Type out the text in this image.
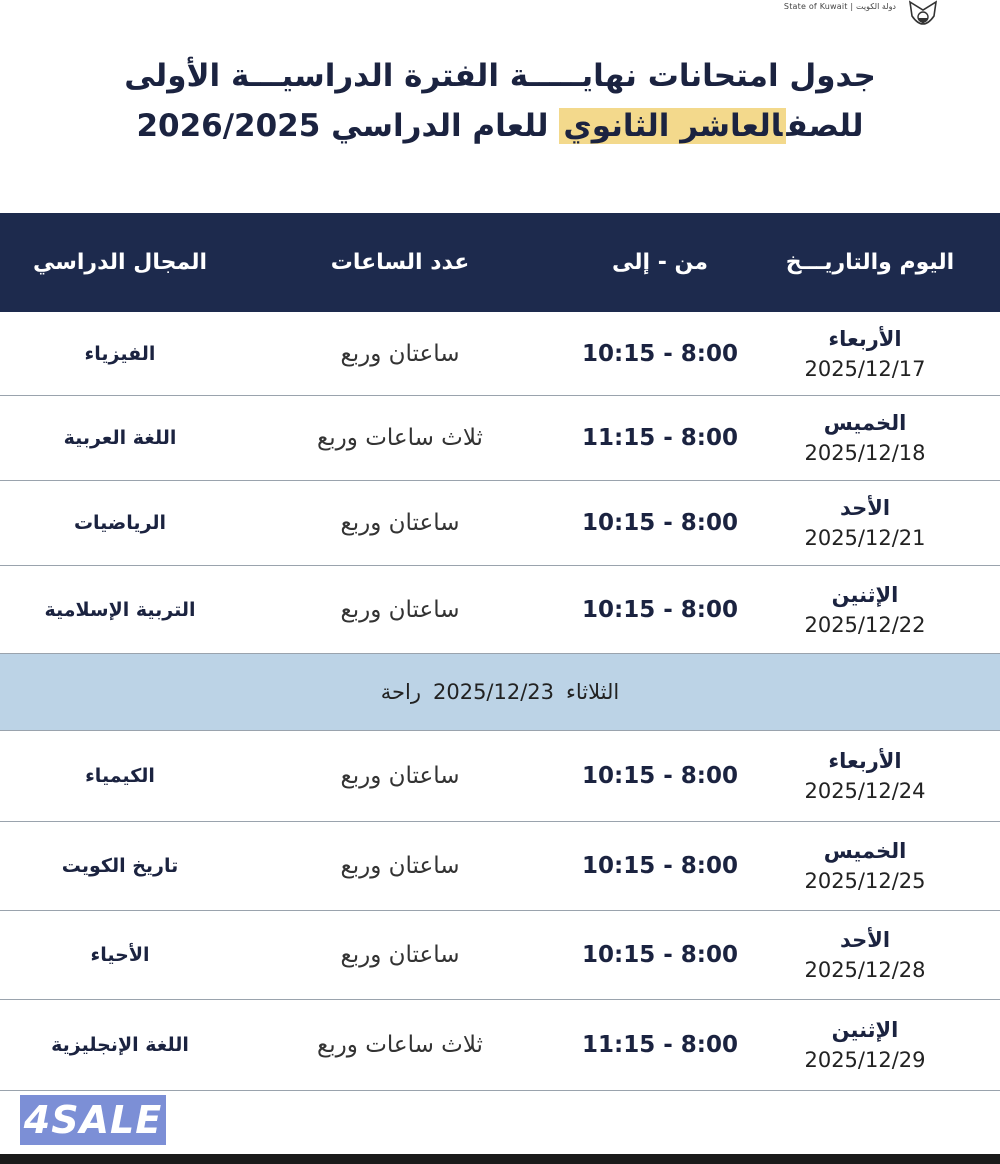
State of Kuwait | دولة الكويت
جدول امتحانات نهايـــــة الفترة الدراسيـــة الأولى
للصفالعاشر الثانوي للعام الدراسي 2026/2025
اليوم والتاريـــخ
من - إلى
عدد الساعات
المجال الدراسي
الأربعاء
2025/12/17
10:15 - 8:00
ساعتان وربع
الفيزياء
الخميس
2025/12/18
11:15 - 8:00
ثلاث ساعات وربع
اللغة العربية
الأحد
2025/12/21
10:15 - 8:00
ساعتان وربع
الرياضيات
الإثنين
2025/12/22
10:15 - 8:00
ساعتان وربع
التربية الإسلامية
الثلاثاء
2025/12/23
راحة
الأربعاء
2025/12/24
10:15 - 8:00
ساعتان وربع
الكيمياء
الخميس
2025/12/25
10:15 - 8:00
ساعتان وربع
تاريخ الكويت
الأحد
2025/12/28
10:15 - 8:00
ساعتان وربع
الأحياء
الإثنين
2025/12/29
11:15 - 8:00
ثلاث ساعات وربع
اللغة الإنجليزية
4SALE
